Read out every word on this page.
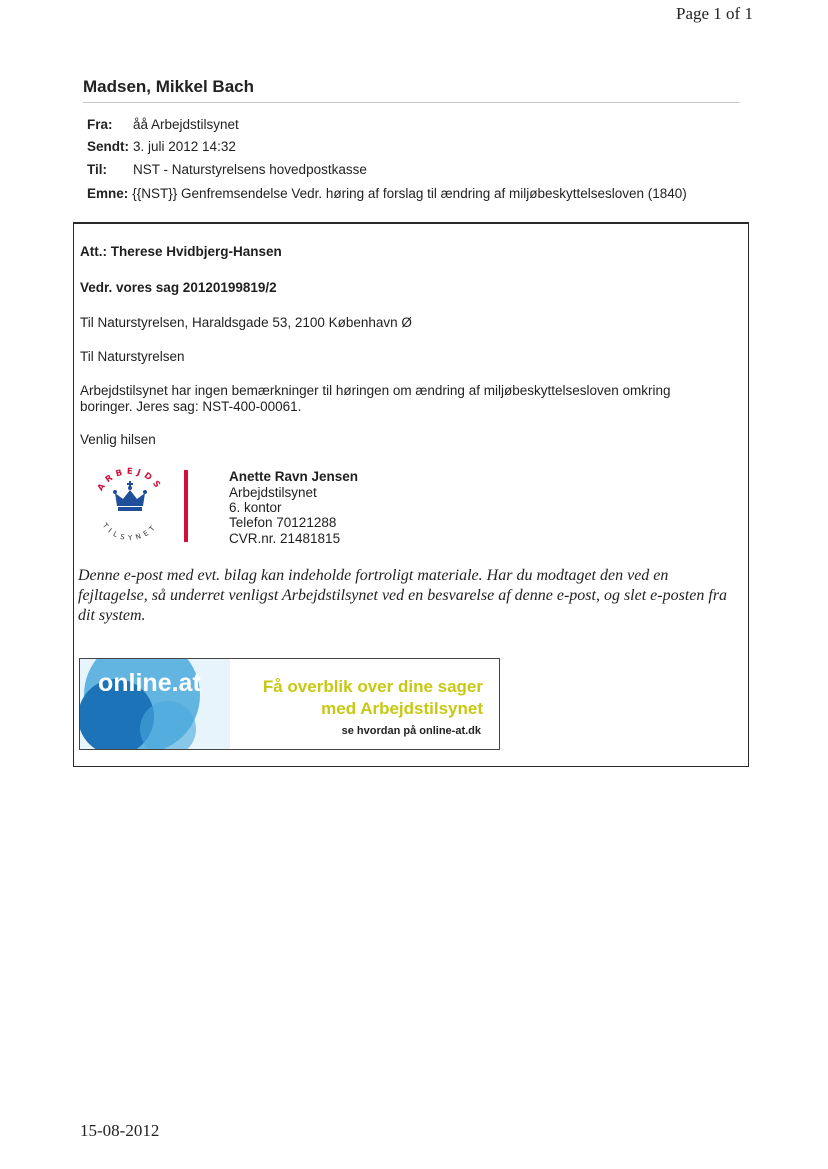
Page 1 of 1
Madsen, Mikkel Bach
Fra: åå Arbejdstilsynet
Sendt: 3. juli 2012 14:32
Til: NST - Naturstyrelsens hovedpostkasse
Emne: {{NST}} Genfremsendelse Vedr. høring af forslag til ændring af miljøbeskyttelsesloven (1840)
Att.: Therese Hvidbjerg-Hansen
Vedr. vores sag 20120199819/2
Til Naturstyrelsen, Haraldsgade 53, 2100 København Ø
Til Naturstyrelsen
Arbejdstilsynet har ingen bemærkninger til høringen om ændring af miljøbeskyttelsesloven omkring
boringer. Jeres sag: NST-400-00061.
Venlig hilsen
ARBEJDS
TILSYNET
Anette Ravn Jensen
Arbejdstilsynet
6. kontor
Telefon 70121288
CVR.nr. 21481815
Denne e-post med evt. bilag kan indeholde fortroligt materiale. Har du modtaget den ved en fejltagelse, så underret venligst Arbejdstilsynet ved en besvarelse af denne e-post, og slet e-posten fra dit system.
online.at	Få overblik over dine sager
med Arbejdstilsynet
se hvordan på online-at.dk
15-08-2012
